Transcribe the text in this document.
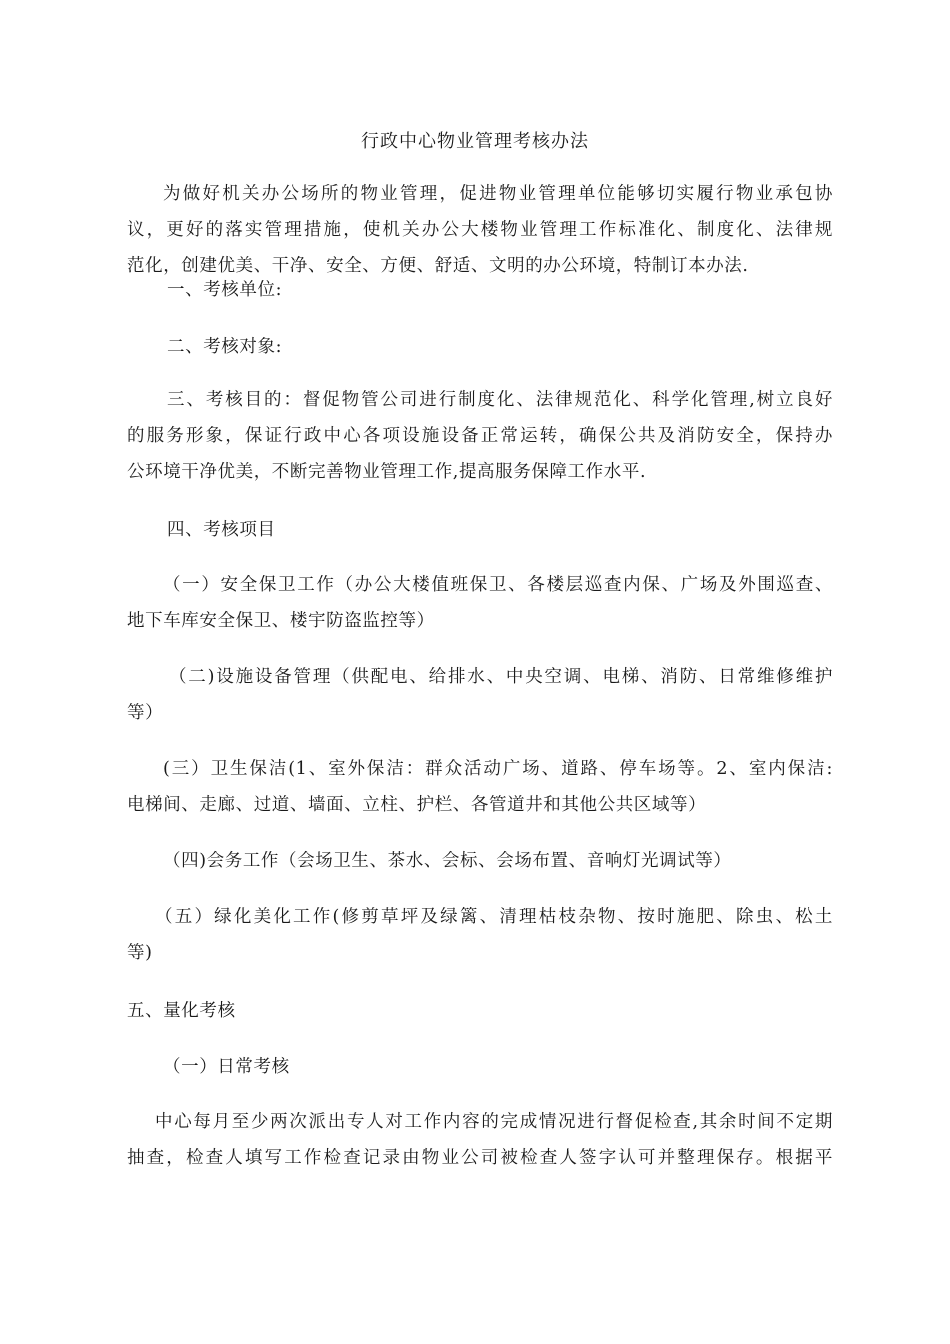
行政中心物业管理考核办法
为做好机关办公场所的物业管理，促进物业管理单位能够切实履行物业承包协
议，更好的落实管理措施，使机关办公大楼物业管理工作标准化、制度化、法律规
范化，创建优美、干净、安全、方便、舒适、文明的办公环境，特制订本办法.
一、考核单位:
二、考核对象:
三、考核目的：督促物管公司进行制度化、法律规范化、科学化管理,树立良好
的服务形象，保证行政中心各项设施设备正常运转，确保公共及消防安全，保持办
公环境干净优美，不断完善物业管理工作,提高服务保障工作水平.
四、考核项目
（一）安全保卫工作（办公大楼值班保卫、各楼层巡查内保、广场及外围巡查、
地下车库安全保卫、楼宇防盗监控等）
（二)设施设备管理（供配电、给排水、中央空调、电梯、消防、日常维修维护
等）
(三）卫生保洁(1、室外保洁：群众活动广场、道路、停车场等。2、室内保洁:
电梯间、走廊、过道、墙面、立柱、护栏、各管道井和其他公共区域等）
（四)会务工作（会场卫生、茶水、会标、会场布置、音响灯光调试等）
（五）绿化美化工作(修剪草坪及绿篱、清理枯枝杂物、按时施肥、除虫、松土
等)
五、量化考核
（一）日常考核
中心每月至少两次派出专人对工作内容的完成情况进行督促检查,其余时间不定期
抽查，检查人填写工作检查记录由物业公司被检查人签字认可并整理保存。根据平
